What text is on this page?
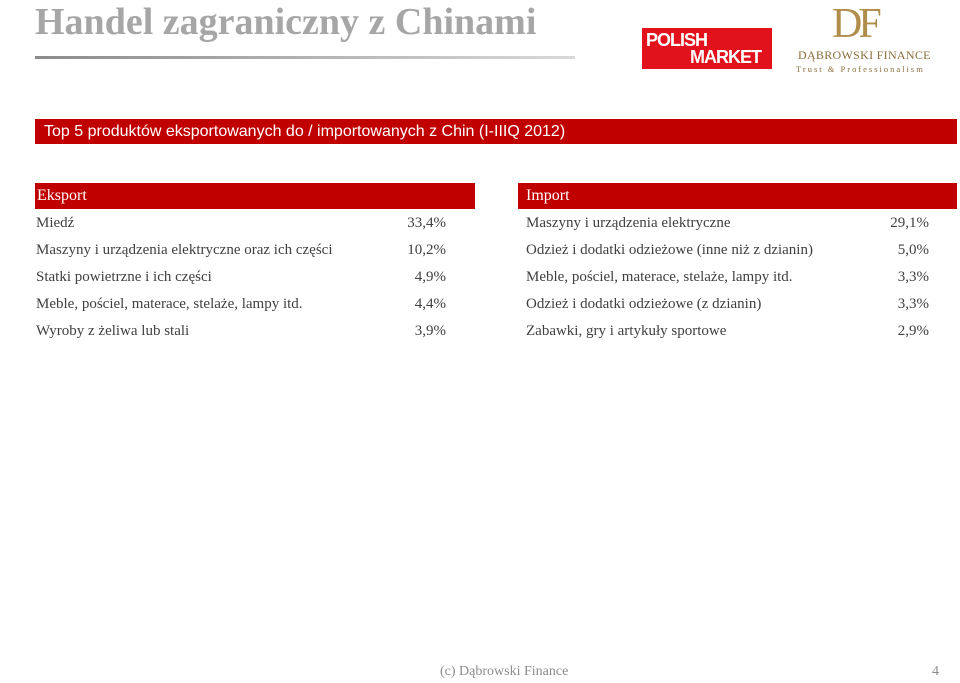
Handel zagraniczny z Chinami	POLISH
MARKET
DF
DĄBROWSKI FINANCE
Trust & Professionalism
Top 5 produktów eksportowanych do / importowanych z Chin (I-IIIQ 2012)
Eksport
Miedź	33,4%
Maszyny i urządzenia elektryczne oraz ich części	10,2%
Statki powietrzne i ich części	4,9%
Meble, pościel, materace, stelaże, lampy itd.	4,4%
Wyroby z żeliwa lub stali	3,9%
Import
Maszyny i urządzenia elektryczne	29,1%
Odzież i dodatki odzieżowe (inne niż z dzianin)	5,0%
Meble, pościel, materace, stelaże, lampy itd.	3,3%
Odzież i dodatki odzieżowe (z dzianin)	3,3%
Zabawki, gry i artykuły sportowe	2,9%
(c) Dąbrowski Finance	4
